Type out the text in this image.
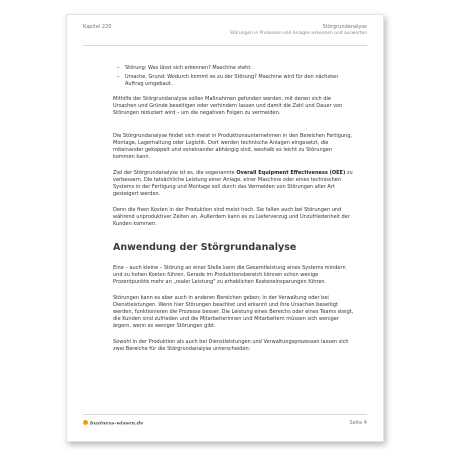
Kapitel 220	Störgrundanalyse
Störungen in Prozessen und Anlagen erkennen und auswerten
– Störung: Was lässt sich erkennen? Maschine steht.
– Ursache, Grund: Wodurch kommt es zu der Störung? Maschine wird für den nächsten Auftrag umgebaut.

Mithilfe der Störgrundanalyse sollen Maßnahmen gefunden werden, mit denen sich die Ursachen und Gründe beseitigen oder verhindern lassen und damit die Zahl und Dauer von Störungen reduziert wird – um die negativen Folgen zu vermeiden.

Die Störgrundanalyse findet sich meist in Produktionsunternehmen in den Bereichen Fertigung, Montage, Lagerhaltung oder Logistik. Dort werden technische Anlagen eingesetzt, die miteinander gekoppelt und voneinander abhängig sind, weshalb es leicht zu Störungen kommen kann.

Ziel der Störgrundanalyse ist es, die sogenannte Overall Equipment Effectiveness (OEE) zu verbessern. Die tatsächliche Leistung einer Anlage, einer Maschine oder eines technischen Systems in der Fertigung und Montage soll durch das Vermeiden von Störungen aller Art gesteigert werden.

Denn die fixen Kosten in der Produktion sind meist hoch. Sie fallen auch bei Störungen und während unproduktiver Zeiten an. Außerdem kann es zu Lieferverzug und Unzufriedenheit der Kunden kommen.

Anwendung der Störgrundanalyse

Eine – auch kleine – Störung an einer Stelle kann die Gesamtleistung eines Systems mindern und zu hohen Kosten führen. Gerade im Produktionsbereich können schon wenige Prozentpunkte mehr an „realer Leistung" zu erheblichen Kosteneinsparungen führen.

Störungen kann es aber auch in anderen Bereichen geben; in der Verwaltung oder bei Dienstleistungen. Wenn hier Störungen beachtet und erkannt und ihre Ursachen beseitigt werden, funktionieren die Prozesse besser. Die Leistung eines Bereichs oder eines Teams steigt, die Kunden sind zufrieden und die Mitarbeiterinnen und Mitarbeitern müssen sich weniger ärgern, wenn es weniger Störungen gibt.

Sowohl in der Produktion als auch bei Dienstleistungen und Verwaltungsprozessen lassen sich zwei Bereiche für die Störgrundanalyse unterscheiden:

business-wissen.de	Seite 4
